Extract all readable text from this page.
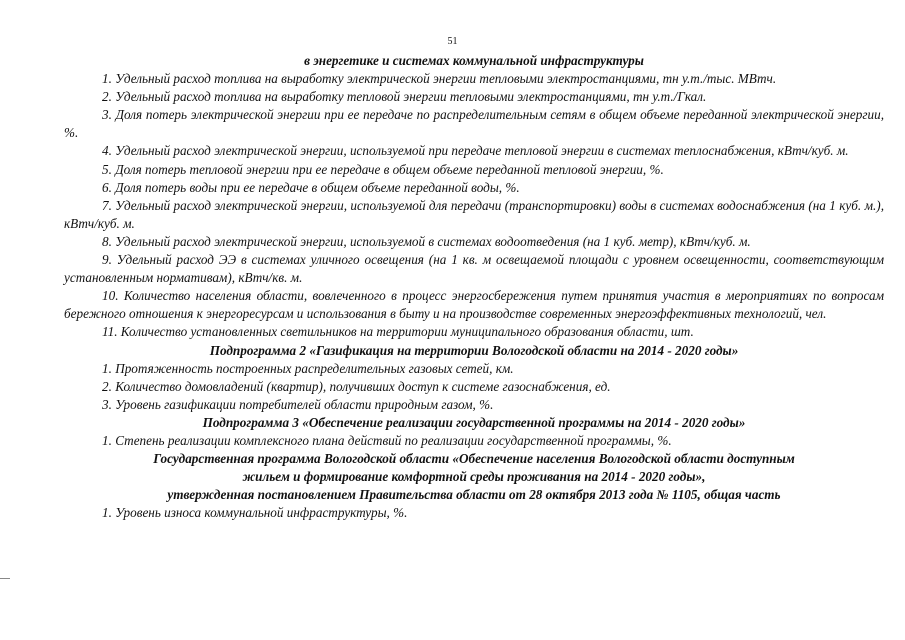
51

в энергетике и системах коммунальной инфраструктуры

1. Удельный расход топлива на выработку электрической энергии тепловыми электростанциями, тн у.т./тыс. МВтч.

2. Удельный расход топлива на выработку тепловой энергии тепловыми электростанциями, тн у.т./Гкал.

3. Доля потерь электрической энергии при ее передаче по распределительным сетям в общем объеме переданной электрической энергии, %.

4. Удельный расход электрической энергии, используемой при передаче тепловой энергии в системах теплоснабжения, кВтч/куб. м.

5. Доля потерь тепловой энергии при ее передаче в общем объеме переданной тепловой энергии, %.

6. Доля потерь воды при ее передаче в общем объеме переданной воды, %.

7. Удельный расход электрической энергии, используемой для передачи (транспортировки) воды в системах водоснабжения (на 1 куб. м.), кВтч/куб. м.

8. Удельный расход электрической энергии, используемой в системах водоотведения (на 1 куб. метр), кВтч/куб. м.

9. Удельный расход ЭЭ в системах уличного освещения (на 1 кв. м освещаемой площади с уровнем освещенности, соответствующим установленным нормативам), кВтч/кв. м.

10. Количество населения области, вовлеченного в процесс энергосбережения путем принятия участия в мероприятиях по вопросам бережного отношения к энергоресурсам и использования в быту и на производстве современных энергоэффективных технологий, чел.

11. Количество установленных светильников на территории муниципального образования области, шт.

Подпрограмма 2 «Газификация на территории Вологодской области на 2014 - 2020 годы»

1. Протяженность построенных распределительных газовых сетей, км.

2. Количество домовладений (квартир), получивших доступ к системе газоснабжения, ед.

3. Уровень газификации потребителей области природным газом, %.

Подпрограмма 3 «Обеспечение реализации государственной программы на 2014 - 2020 годы»

1. Степень реализации комплексного плана действий по реализации государственной программы, %.

Государственная программа Вологодской области «Обеспечение населения Вологодской области доступным

жильем и формирование комфортной среды проживания на 2014 - 2020 годы»,

утвержденная постановлением Правительства области от 28 октября 2013 года № 1105, общая часть

1. Уровень износа коммунальной инфраструктуры, %.
